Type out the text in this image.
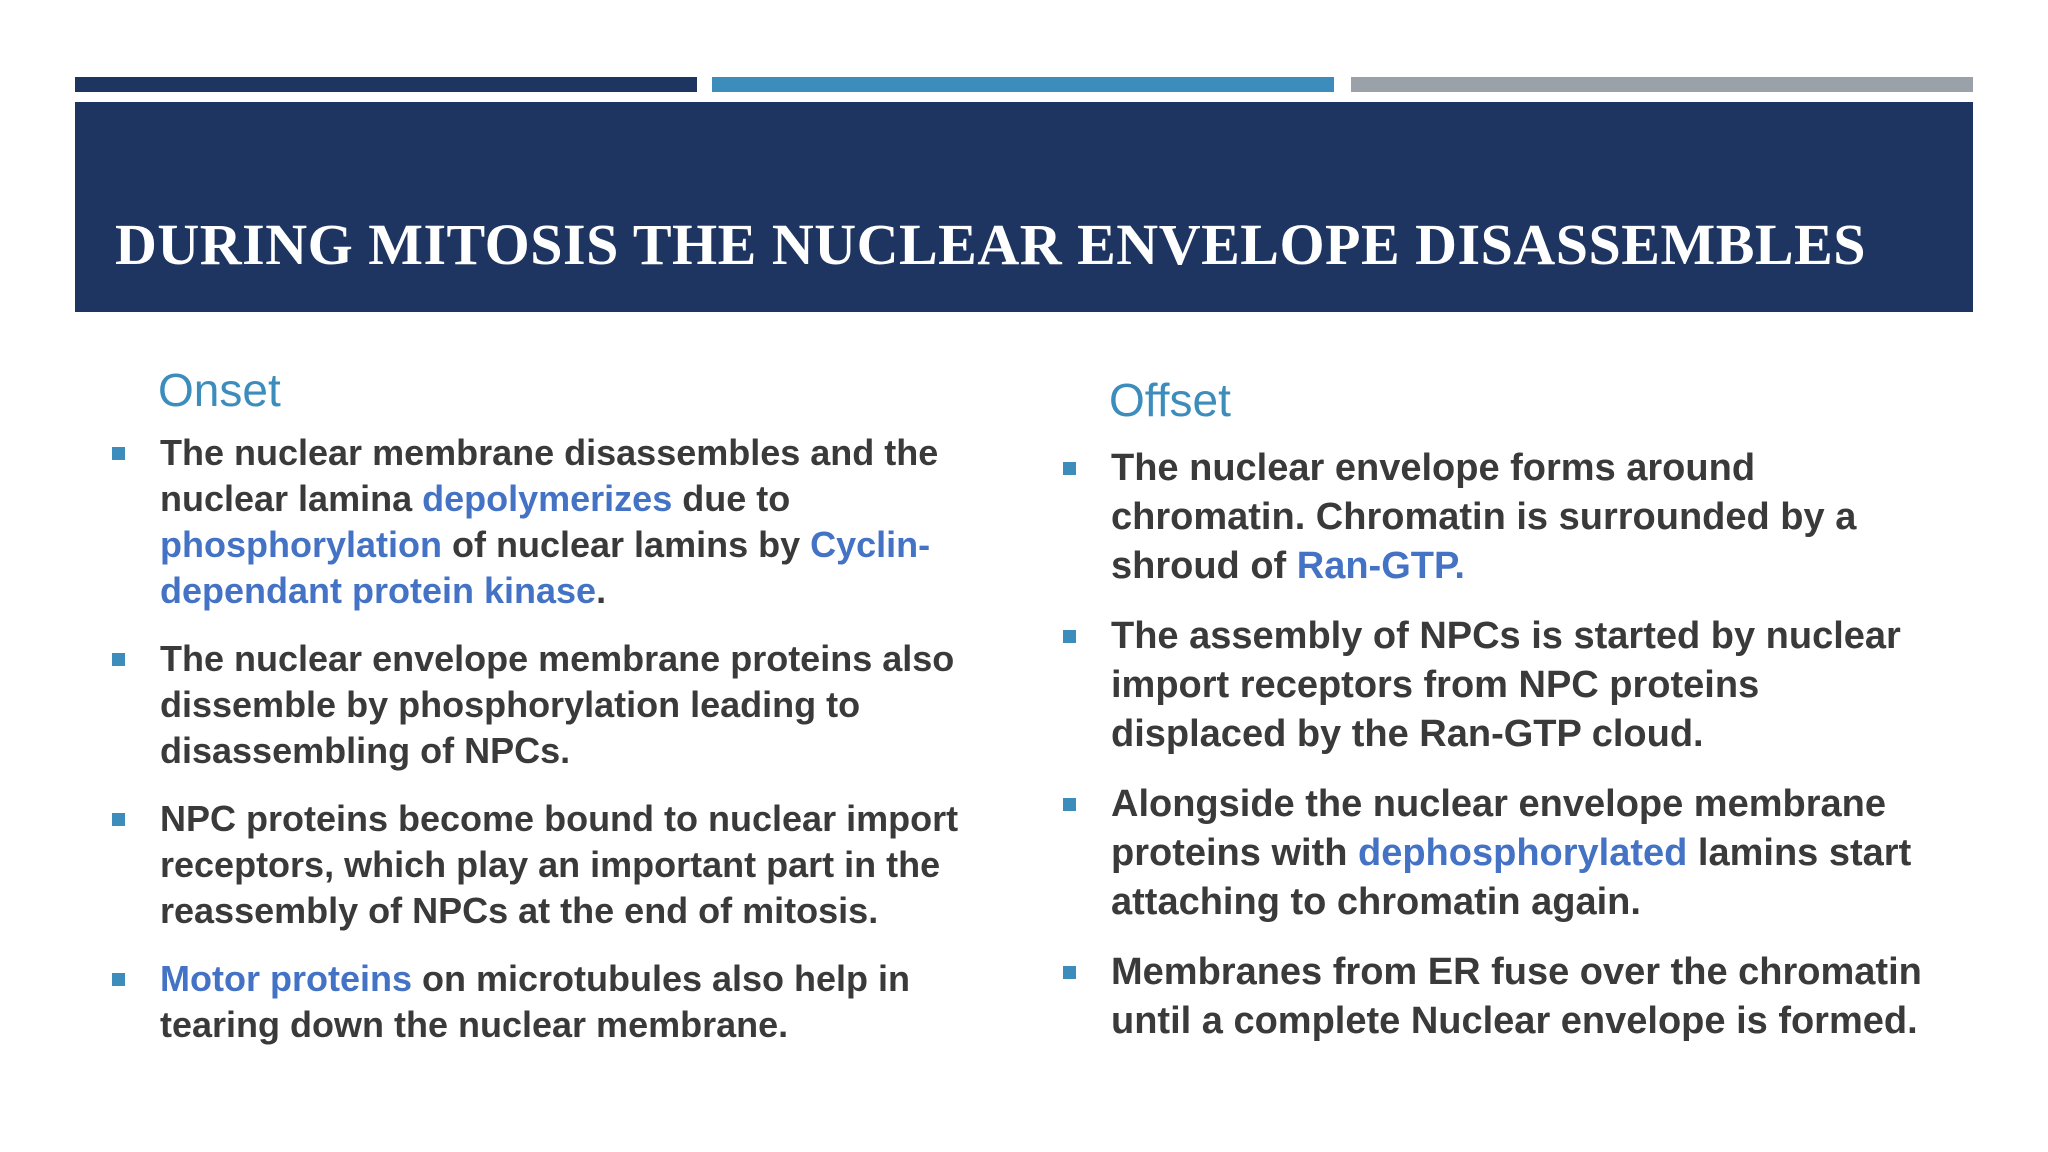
DURING MITOSIS THE NUCLEAR ENVELOPE DISASSEMBLES
Onset
The nuclear membrane disassembles and the nuclear lamina depolymerizes due to phosphorylation of nuclear lamins by Cyclin-dependant protein kinase.
The nuclear envelope membrane proteins also dissemble by phosphorylation leading to disassembling of NPCs.
NPC proteins become bound to nuclear import receptors, which play an important part in the reassembly of NPCs at the end of mitosis.
Motor proteins on microtubules also help in tearing down the nuclear membrane.
Offset
The nuclear envelope forms around chromatin. Chromatin is surrounded by a shroud of Ran-GTP.
The assembly of NPCs is started by nuclear import receptors from NPC proteins displaced by the Ran-GTP cloud.
Alongside the nuclear envelope membrane proteins with dephosphorylated lamins start attaching to chromatin again.
Membranes from ER fuse over the chromatin until a complete Nuclear envelope is formed.
